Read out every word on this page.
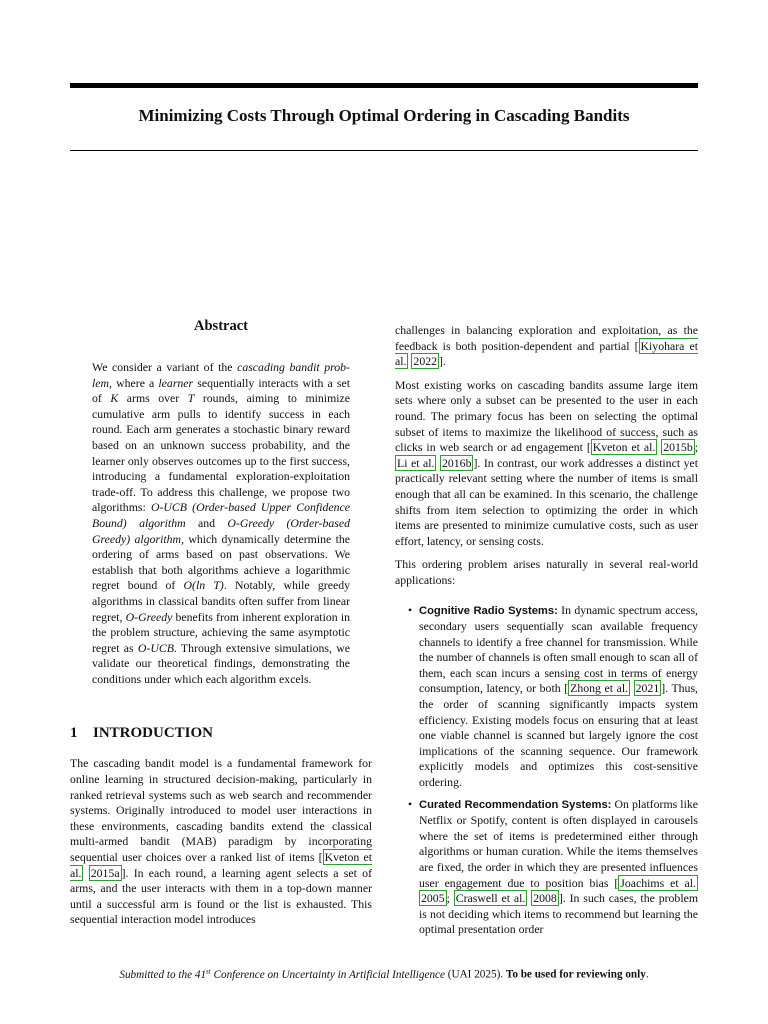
Minimizing Costs Through Optimal Ordering in Cascading Bandits
Abstract
We consider a variant of the cascading bandit prob-lem, where a learner sequentially interacts with a set of K arms over T rounds, aiming to minimize cumulative arm pulls to identify success in each round. Each arm generates a stochastic binary reward based on an unknown success probability, and the learner only observes outcomes up to the first success, introducing a fundamental exploration-exploitation trade-off. To address this challenge, we propose two algorithms: O-UCB (Order-based Upper Confidence Bound) algorithm and O-Greedy (Order-based Greedy) algorithm, which dynamically determine the ordering of arms based on past observations. We establish that both algorithms achieve a logarithmic regret bound of O(ln T). Notably, while greedy algorithms in classical bandits often suffer from linear regret, O-Greedy benefits from inherent exploration in the problem structure, achieving the same asymptotic regret as O-UCB. Through extensive simulations, we validate our theoretical findings, demonstrating the conditions under which each algorithm excels.
1 INTRODUCTION

The cascading bandit model is a fundamental framework for online learning in structured decision-making, particularly in ranked retrieval systems such as web search and recommender systems. Originally introduced to model user interactions in these environments, cascading bandits extend the classical multi-armed bandit (MAB) paradigm by incorporating sequential user choices over a ranked list of items [ Kveton et al. 2015a ]. In each round, a learning agent selects a set of arms, and the user interacts with them in a top-down manner until a successful arm is found or the list is exhausted. This sequential interaction model introduces

challenges in balancing exploration and exploitation, as the feedback is both position-dependent and partial [ Kiyohara et al. 2022 ].

Most existing works on cascading bandits assume large item sets where only a subset can be presented to the user in each round. The primary focus has been on selecting the optimal subset of items to maximize the likelihood of success, such as clicks in web search or ad engagement [ Kveton et al. 2015b ; Li et al. 2016b ]. In contrast, our work addresses a distinct yet practically relevant setting where the number of items is small enough that all can be examined. In this scenario, the challenge shifts from item selection to optimizing the order in which items are presented to minimize cumulative costs, such as user effort, latency, or sensing costs.

This ordering problem arises naturally in several real-world applications:

• Cognitive Radio Systems: In dynamic spectrum access, secondary users sequentially scan available frequency channels to identify a free channel for transmission. While the number of channels is often small enough to scan all of them, each scan incurs a sensing cost in terms of energy consumption, latency, or both [ Zhong et al. 2021 ]. Thus, the order of scanning significantly impacts system efficiency. Existing models focus on ensuring that at least one viable channel is scanned but largely ignore the cost implications of the scanning sequence. Our framework explicitly models and optimizes this cost-sensitive ordering.
• Curated Recommendation Systems: On platforms like Netflix or Spotify, content is often displayed in carousels where the set of items is predetermined either through algorithms or human curation. While the items themselves are fixed, the order in which they are presented influences user engagement due to position bias [ Joachims et al. 2005 ; Craswell et al. 2008 ]. In such cases, the problem is not deciding which items to recommend but learning the optimal presentation order
Submitted to the 41st Conference on Uncertainty in Artificial Intelligence (UAI 2025). To be used for reviewing only.
